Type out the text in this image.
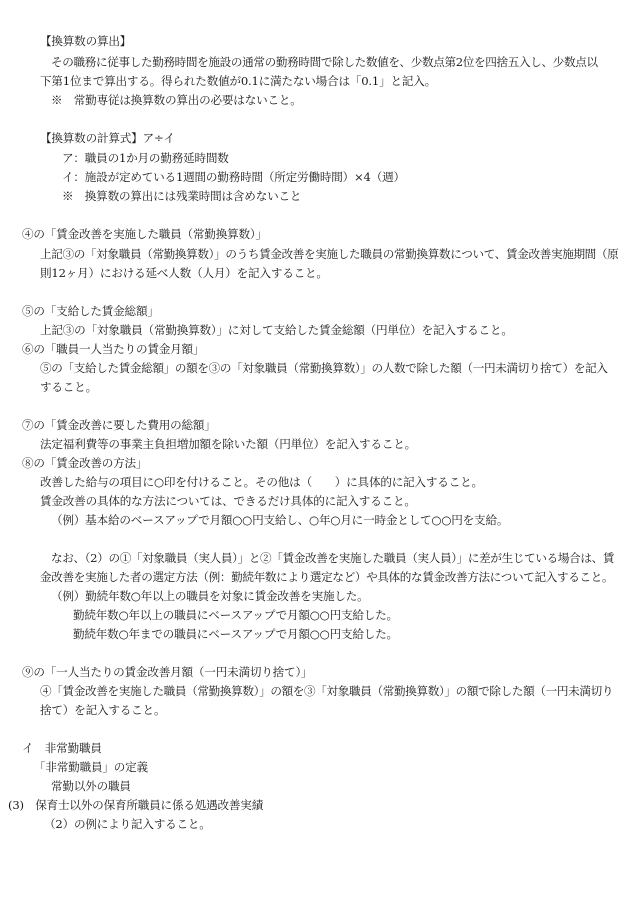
【換算数の算出】
その職務に従事した勤務時間を施設の通常の勤務時間で除した数値を、少数点第2位を四捨五入し、少数点以
下第1位まで算出する。得られた数値が0.1に満たない場合は「0.1」と記入。
※　常勤専従は換算数の算出の必要はないこと。
【換算数の計算式】ア÷イ
ア：職員の1か月の勤務延時間数
イ：施設が定めている1週間の勤務時間（所定労働時間）×4（週）
※　換算数の算出には残業時間は含めないこと
④の「賃金改善を実施した職員（常勤換算数）」
上記③の「対象職員（常勤換算数）」のうち賃金改善を実施した職員の常勤換算数について、賃金改善実施期間（原
則12ヶ月）における延べ人数（人月）を記入すること。
⑤の「支給した賃金総額」
上記③の「対象職員（常勤換算数）」に対して支給した賃金総額（円単位）を記入すること。
⑥の「職員一人当たりの賃金月額」
⑤の「支給した賃金総額」の額を③の「対象職員（常勤換算数）」の人数で除した額（一円未満切り捨て）を記入
すること。
⑦の「賃金改善に要した費用の総額」
法定福利費等の事業主負担増加額を除いた額（円単位）を記入すること。
⑧の「賃金改善の方法」
改善した給与の項目に○印を付けること。その他は（　　）に具体的に記入すること。
賃金改善の具体的な方法については、できるだけ具体的に記入すること。
（例）基本給のベースアップで月額○○円支給し、○年○月に一時金として○○円を支給。
なお、（2）の①「対象職員（実人員）」と②「賃金改善を実施した職員（実人員）」に差が生じている場合は、賃
金改善を実施した者の選定方法（例：勤続年数により選定など）や具体的な賃金改善方法について記入すること。
（例）勤続年数○年以上の職員を対象に賃金改善を実施した。
勤続年数○年以上の職員にベースアップで月額○○円支給した。
勤続年数○年までの職員にベースアップで月額○○円支給した。
⑨の「一人当たりの賃金改善月額（一円未満切り捨て）」
④「賃金改善を実施した職員（常勤換算数）」の額を③「対象職員（常勤換算数）」の額で除した額（一円未満切り
捨て）を記入すること。
イ　非常勤職員
「非常勤職員」の定義
常勤以外の職員
(3)　保育士以外の保育所職員に係る処遇改善実績
（2）の例により記入すること。
